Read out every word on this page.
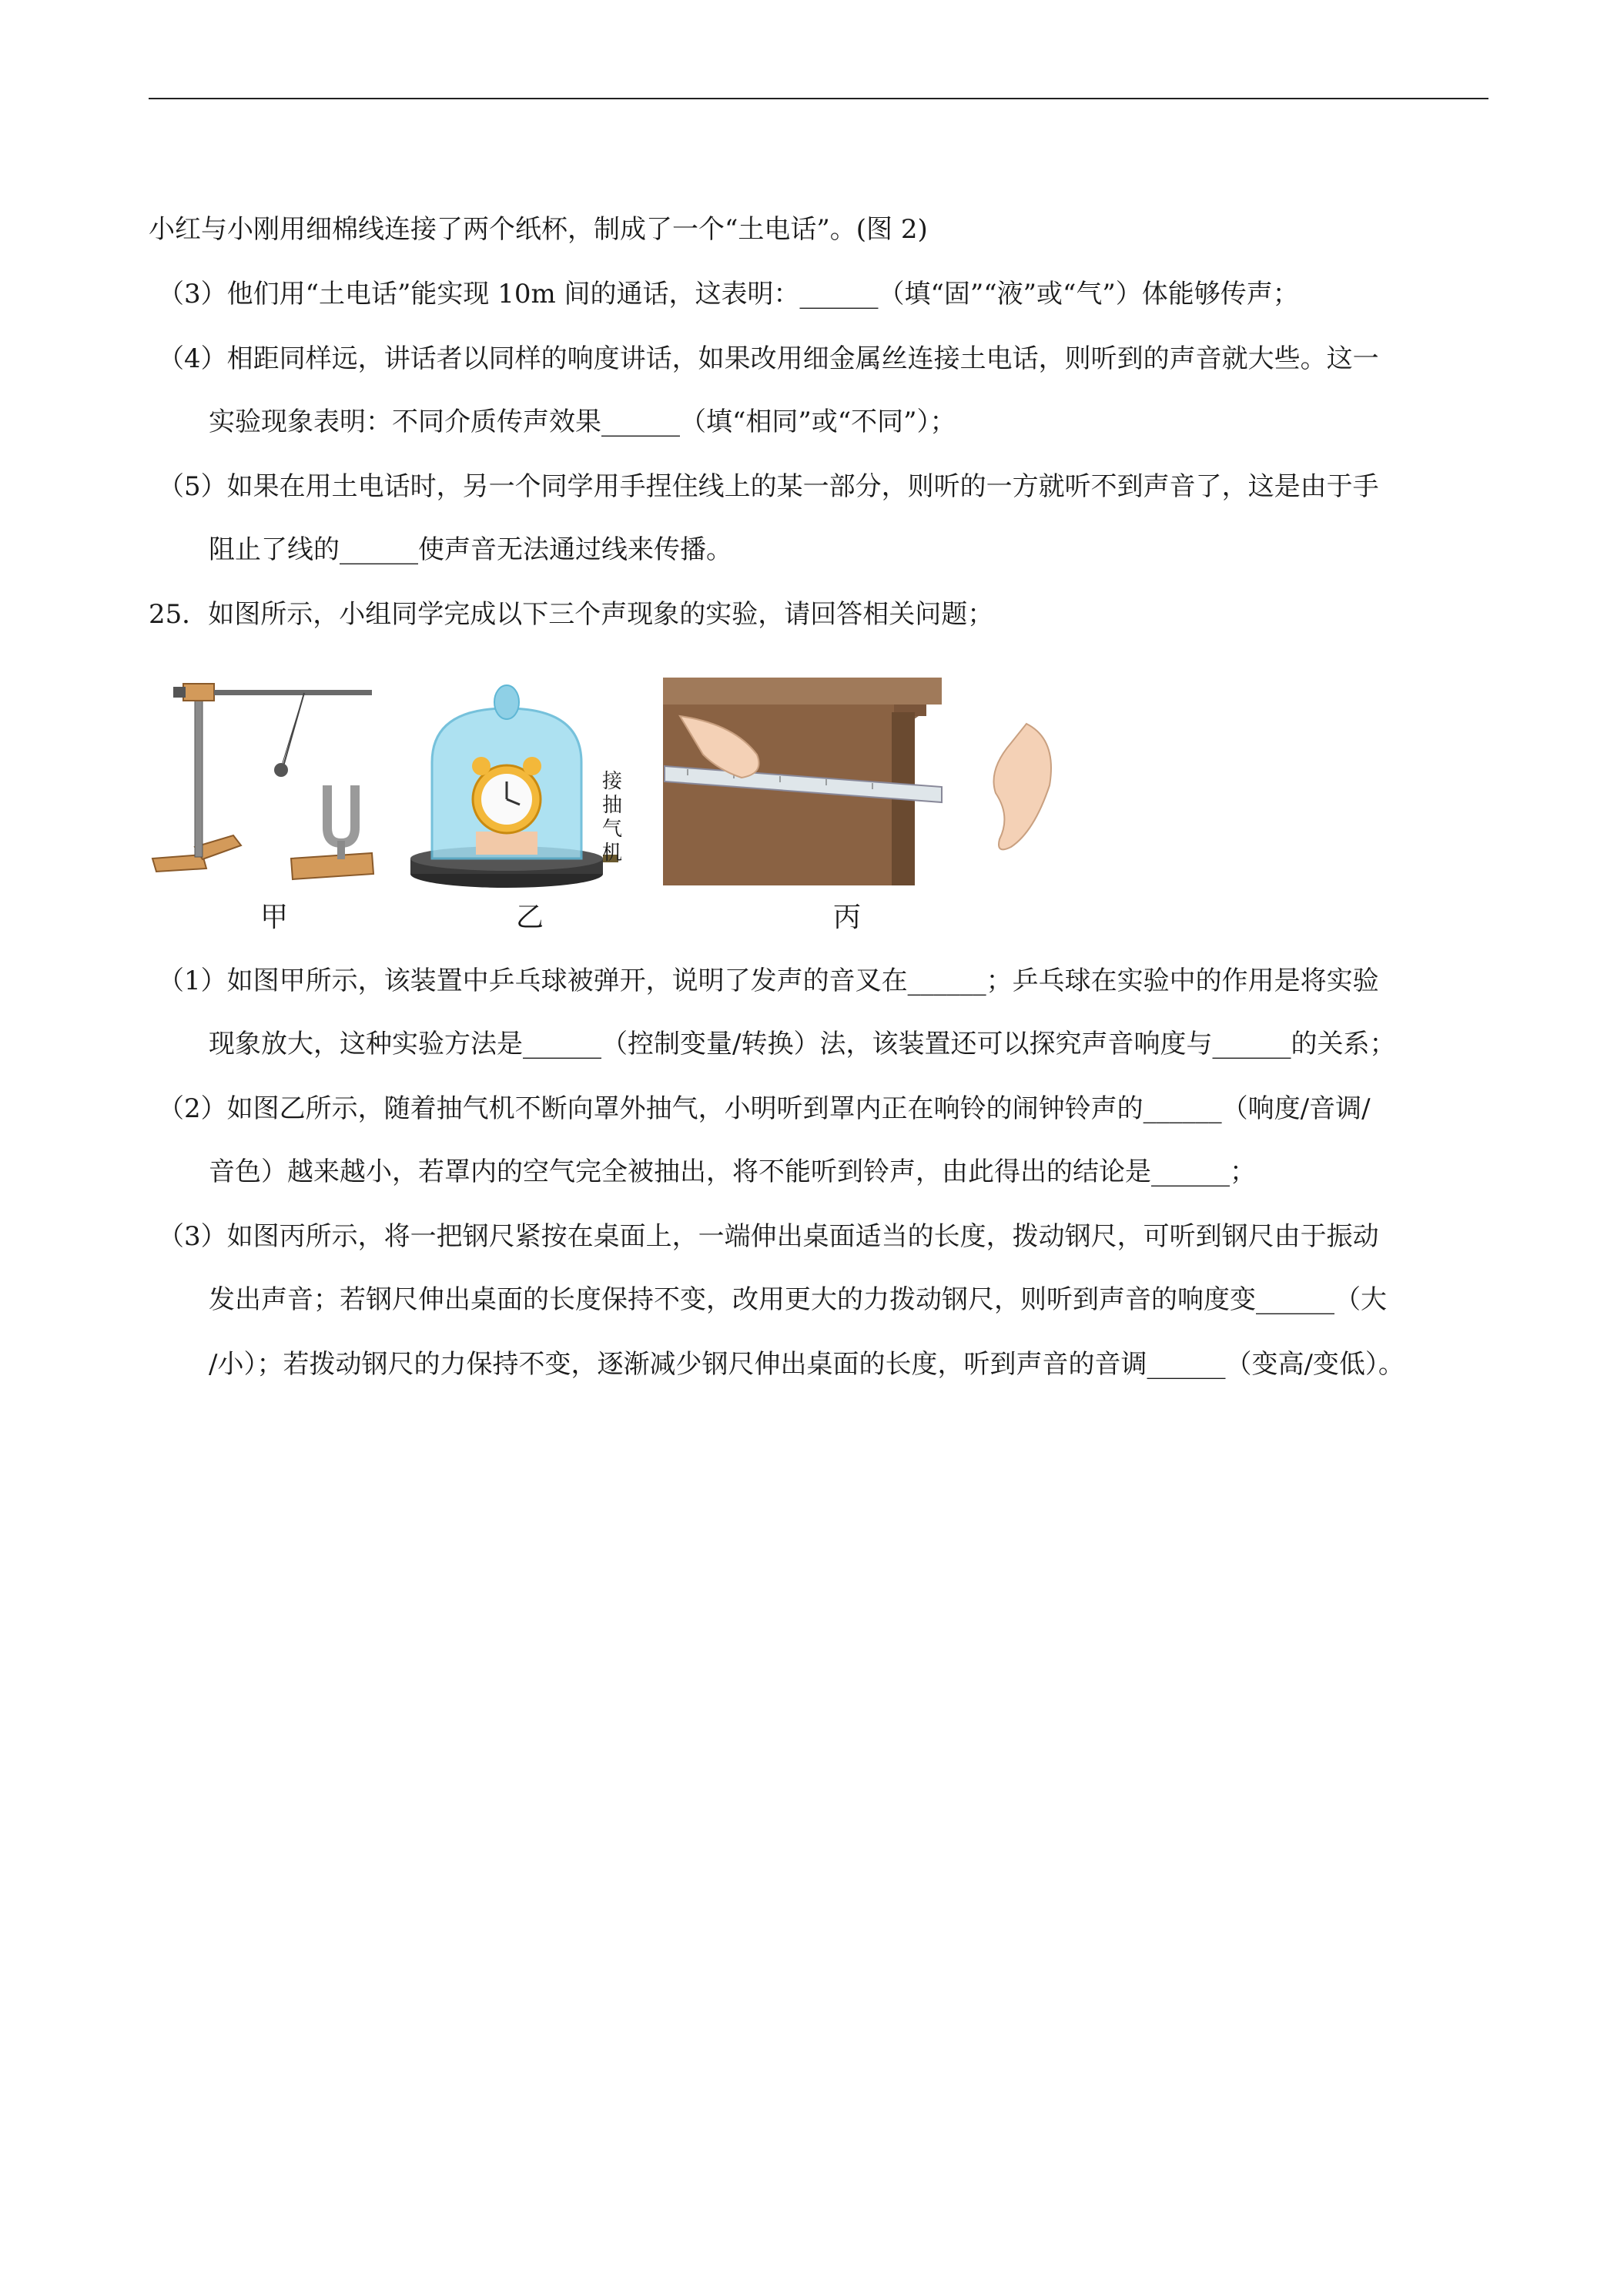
小红与小刚用细棉线连接了两个纸杯，制成了一个“土电话”。(图 2)
（3）他们用“土电话”能实现 10m 间的通话，这表明：______（填“固”“液”或“气”）体能够传声；
（4）相距同样远，讲话者以同样的响度讲话，如果改用细金属丝连接土电话，则听到的声音就大些。这一
实验现象表明：不同介质传声效果______（填“相同”或“不同”）；
（5）如果在用土电话时，另一个同学用手捏住线上的某一部分，则听的一方就听不到声音了，这是由于手
阻止了线的______使声音无法通过线来传播。
25．如图所示，小组同学完成以下三个声现象的实验，请回答相关问题；
接抽气机
甲	乙	丙
（1）如图甲所示，该装置中乒乓球被弹开，说明了发声的音叉在______；乒乓球在实验中的作用是将实验
现象放大，这种实验方法是______（控制变量/转换）法，该装置还可以探究声音响度与______的关系；
（2）如图乙所示，随着抽气机不断向罩外抽气，小明听到罩内正在响铃的闹钟铃声的______（响度/音调/
音色）越来越小，若罩内的空气完全被抽出，将不能听到铃声，由此得出的结论是______；
（3）如图丙所示，将一把钢尺紧按在桌面上，一端伸出桌面适当的长度，拨动钢尺，可听到钢尺由于振动
发出声音；若钢尺伸出桌面的长度保持不变，改用更大的力拨动钢尺，则听到声音的响度变______（大
/小）；若拨动钢尺的力保持不变，逐渐减少钢尺伸出桌面的长度，听到声音的音调______（变高/变低）。
